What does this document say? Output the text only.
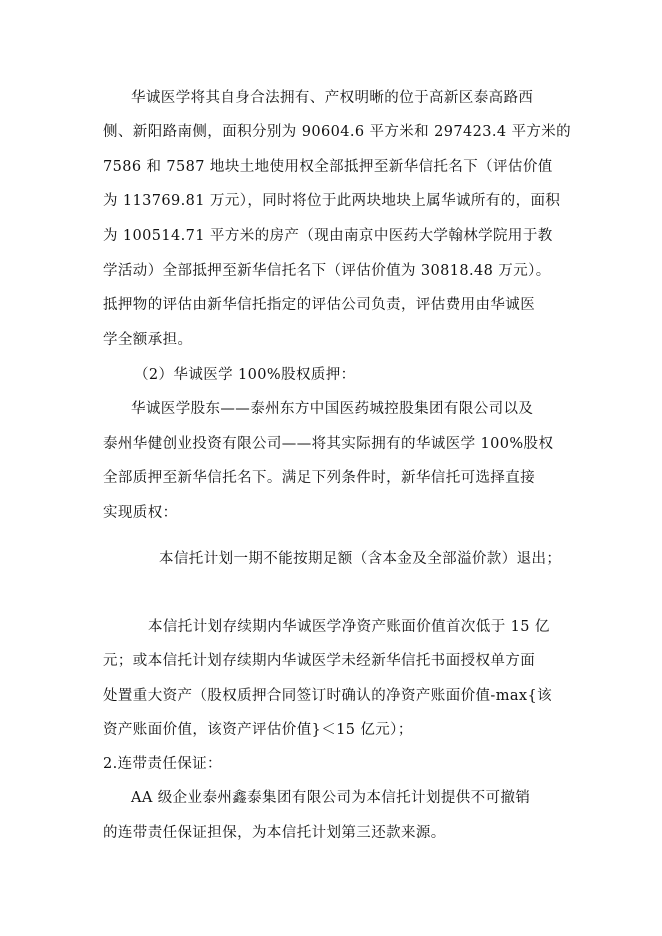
华诚医学将其自身合法拥有、产权明晰的位于高新区泰高路西
侧、新阳路南侧，面积分别为 90604.6 平方米和 297423.4 平方米的
7586 和 7587 地块土地使用权全部抵押至新华信托名下（评估价值
为 113769.81 万元），同时将位于此两块地块上属华诚所有的，面积
为 100514.71 平方米的房产（现由南京中医药大学翰林学院用于教
学活动）全部抵押至新华信托名下（评估价值为 30818.48 万元）。
抵押物的评估由新华信托指定的评估公司负责，评估费用由华诚医
学全额承担。
（2）华诚医学 100%股权质押：
华诚医学股东——泰州东方中国医药城控股集团有限公司以及
泰州华健创业投资有限公司——将其实际拥有的华诚医学 100%股权
全部质押至新华信托名下。满足下列条件时，新华信托可选择直接
实现质权：
本信托计划一期不能按期足额（含本金及全部溢价款）退出；
本信托计划存续期内华诚医学净资产账面价值首次低于 15 亿
元；或本信托计划存续期内华诚医学未经新华信托书面授权单方面
处置重大资产（股权质押合同签订时确认的净资产账面价值-max{该
资产账面价值，该资产评估价值}＜15 亿元）；
2.连带责任保证：
AA 级企业泰州鑫泰集团有限公司为本信托计划提供不可撤销
的连带责任保证担保，为本信托计划第三还款来源。
